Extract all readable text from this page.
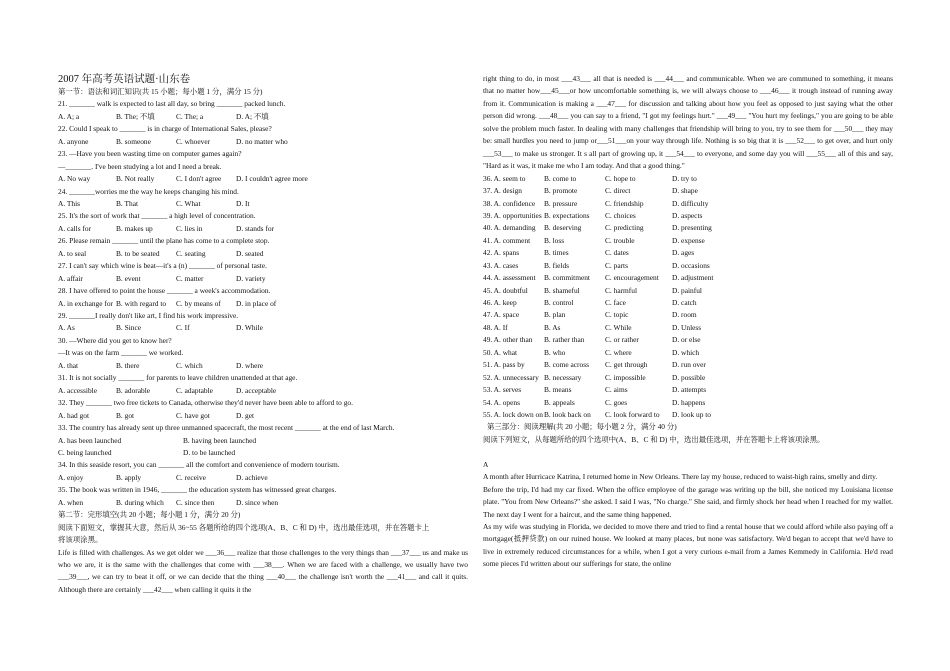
2007 年高考英语试题·山东卷
第一节：语法和词汇知识(共 15 小题；每小题 1 分，满分 15 分)
21. _______ walk is expected to last all day, so bring _______ packed lunch.
A. A; a	B. The; 不填	C. The; a	D. A; 不填
22. Could I speak to _______ is in charge of International Sales, please?
A. anyone	B. someone	C. whoever	D. no matter who
23. —Have you been wasting time on computer games again?
—_______. I've been studying a lot and I need a break.
A. No way	B. Not really	C. I don't agree D. I couldn't agree more
24. _______worries me the way he keeps changing his mind.
A. This	B. That	C. What	D. It
25. It's the sort of work that _______ a high level of concentration.
A. calls for	B. makes up	C. lies in	D. stands for
26. Please remain _______ until the plane has come to a complete stop.
A. to seal	B. to be seated C. seating	D. seated
27. I can't say which wine is beat—it's a (n) _______ of personal taste.
A. affair	B. event	C. matter	D. variety
28. I have offered to point the house _______ a week's accommodation.
A. in exchange for B. with regard to C. by means of D. in place of
29. _______I really don't like art, I find his work impressive.
A. As	B. Since	C. If	D. While
30. —Where did you get to know her?
—It was on the farm _______ we worked.
A. that	B. there	C. which	D. where
31. It is not socially _______ for parents to leave children unattended at that age.
A. accessible	B. adorable	C. adaptable	D. acceptable
32. They _______ two free tickets to Canada, otherwise they'd never have been able to afford to go.
A. had got	B. got	C. have got	D. get
33. The country has already sent up three unmanned spacecraft, the most recent _______ at the end of last March.
A. has been launched	B. having been launched
C. being launched	D. to be launched
34. In this seaside resort, you can _______ all the comfort and convenience of modern tourism.
A. enjoy	B. apply	C. receive	D. achieve
35. The book was written in 1946, _______ the education system has witnessed great charges.
A. when	B. during which C. since then	D. since when
第二节：完形填空(共 20 小题；每小题 1 分，满分 20 分)
阅读下面短文，掌握其大意，然后从 36~55 各题所给的四个选项(A、B、C 和 D) 中，选出最佳选项，并在答题卡上
将该项涂黑。
Life is filled with challenges. As we get older we ___36___ realize that those challenges to the very things than ___37___ us and make us who we are, it is the same with the challenges that come with ___38___. When we are faced with a challenge, we usually have two ___39___, we can try to beat it off, or we can decide that the thing ___40___ the challenge isn't worth the ___41___ and call it quits. Although there are certainly ___42___ when calling it quits it the
right thing to do, in most ___43___ all that is needed is ___44___ and communicable. When we are communed to something, it means that no matter how___45___or how uncomfortable something is, we will always choose to ___46___ it trough instead of running away from it. Communication is making a ___47___ for discussion and talking about how you feel as opposed to just saying what the other person did wrong. ___48___ you can say to a friend, "I got my feelings hurt." ___49___ "You hurt my feelings," you are going to be able solve the problem much faster. In dealing with many challenges that friendship will bring to you, try to see them for ___50___ they may be: small hurdles you need to jump or___51___on your way through life. Nothing is so big that it is ___52___ to get over, and hurt only ___53___ to make us stronger. It s all part of growing up, it ___54___ to everyone, and some day you will ___55___ all of this and say, "Hard as it was, it make me who I am today. And that a good thing."
36. A. seem to	B. come to	C. hope to	D. try to
37. A. design	B. promote	C. direct	D. shape
38. A. confidence B. pressure	C. friendship	D. difficulty
39. A. opportunities B. expectations C. choices	D. aspects
40. A. demanding B. deserving	C. predicting	D. presenting
41. A. comment B. loss	C. trouble	D. expense
42. A. spans	B. times	C. dates	D. ages
43. A. cases	B. fields	C. parts	D. occasions
44. A. assessment B. commitment C. encouragement D. adjustment
45. A. doubtful B. shameful	C. harmful	D. painful
46. A. keep	B. control	C. face	D. catch
47. A. space	B. plan	C. topic	D. room
48. A. If	B. As	C. While	D. Unless
49. A. other than B. rather than	C. or rather	D. or else
50. A. what	B. who	C. where	D. which
51. A. pass by	B. come across C. get through	D. run over
52. A. unnecessary B. necessary	C. impossible	D. possible
53. A. serves	B. means	C. aims	D. attempts
54. A. opens	B. appeals	C. goes	D. happens
55. A. lock down on B. look back on C. look forward to D. look up to
第三部分：阅读理解(共 20 小题；每小题 2 分，满分 40 分)
阅读下列短文，从每题所给的四个选项中(A、B、C 和 D) 中，选出最佳选项，并在答题卡上将该项涂黑。
A
A month after Hurricace Katrina, I returned home in New Orleans. There lay my house, reduced to waist-high rains, smelly and dirty.
Before the trip, I'd had my car fixed. When the office employee of the garage was writing up the bill, she noticed my Louisiana license plate. "You from New Orleans?" she asked. I said I was, "No charge." She said, and firmly shock her head when I reached for my wallet. The next day I went for a haircut, and the same thing happened.
As my wife was studying in Florida, we decided to move there and tried to find a rental house that we could afford while also paying off a mortgage(抵押贷款) on our ruined house. We looked at many places, but none was satisfactory. We'd began to accept that we'd have to live in extremely reduced circumstances for a while, when I got a very curious e-mail from a James Kemmedy in California. He'd read some pieces I'd written about our sufferings for state, the online
